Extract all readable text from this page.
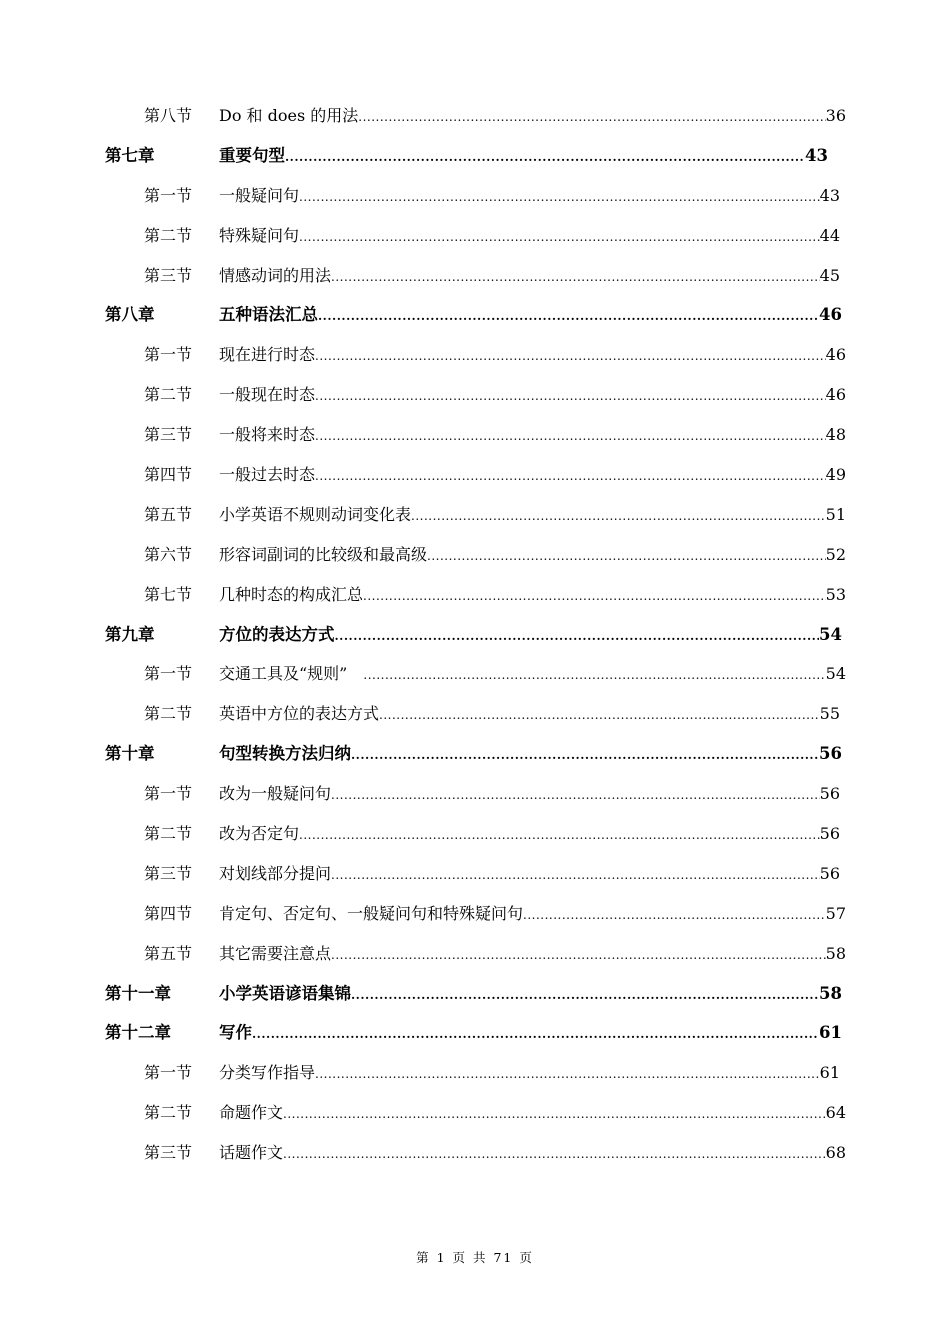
第八节 Do 和 does 的用法 .....	36
第七章	重要句型 .....	43
第一节 一般疑问句 .....	43
第二节 特殊疑问句 .....	44
第三节 情感动词的用法 .....	45
第八章	五种语法汇总 .....	46
第一节 现在进行时态 .....	46
第二节 一般现在时态 .....	46
第三节 一般将来时态 .....	48
第四节 一般过去时态 .....	49
第五节 小学英语不规则动词变化表 .....	51
第六节 形容词副词的比较级和最高级 .....	52
第七节 几种时态的构成汇总 .....	53
第九章	方位的表达方式 .....	54
第一节 交通工具及“规则” .....	54
第二节 英语中方位的表达方式 .....	55
第十章	句型转换方法归纳 .....	56
第一节 改为一般疑问句 .....	56
第二节 改为否定句 .....	56
第三节 对划线部分提问 .....	56
第四节 肯定句、否定句、一般疑问句和特殊疑问句 .....	57
第五节 其它需要注意点 .....	58
第十一章	小学英语谚语集锦 .....	58
第十二章	写作 .....	61
第一节 分类写作指导 .....	61
第二节 命题作文 .....	64
第三节 话题作文 .....	68
第 1 页 共 71 页
